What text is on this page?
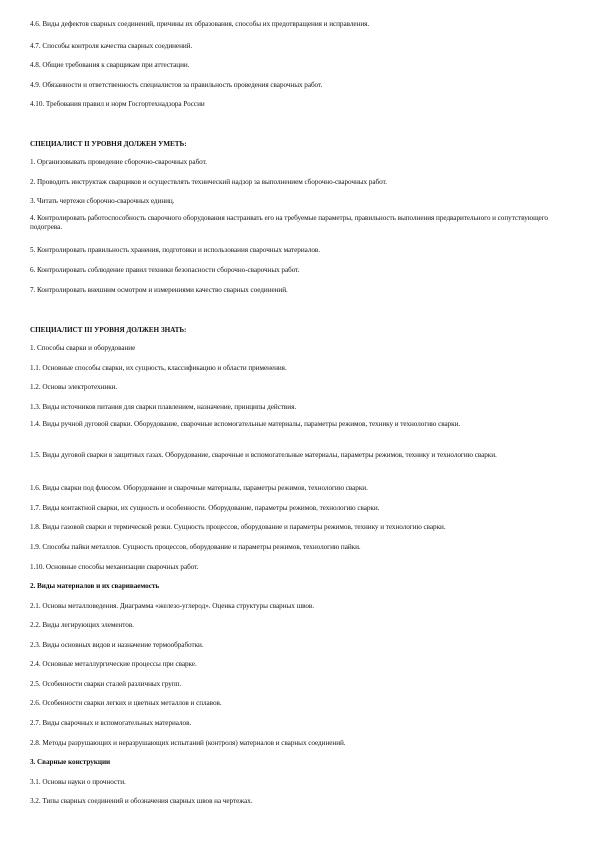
4.6. Виды дефектов сварных соединений, причины их образования, способы их предотвращения и исправления.
4.7. Способы контроля качества сварных соединений.
4.8. Общие требования к сварщикам при аттестации.
4.9. Обязанности и ответственность специалистов за правильность проведения сварочных работ.
4.10. Требования правил и норм Госгортехнадзора России
СПЕЦИАЛИСТ II УРОВНЯ ДОЛЖЕН УМЕТЬ:
1. Организовывать проведение сборочно-сварочных работ.
2. Проводить инструктаж сварщиков и осуществлять технический надзор за выполнением сборочно-сварочных работ.
3. Читать чертежи сборочно-сварочных единиц.
4. Контролировать работоспособность сварочного оборудования настраивать его на требуемые параметры, правильность выполнения предварительного и сопутствующего подогрева.
5. Контролировать правильность хранения, подготовки и использования сварочных материалов.
6. Контролировать соблюдение правил техники безопасности сборочно-сварочных работ.
7. Контролировать внешним осмотром и измерениями качество сварных соединений.
СПЕЦИАЛИСТ III УРОВНЯ ДОЛЖЕН ЗНАТЬ:
1. Способы сварки и оборудование
1.1. Основные способы сварки, их сущность, классификацию и области применения.
1.2. Основы электротехники.
1.3. Виды источников питания для сварки плавлением, назначение, принципы действия.
1.4. Виды ручной дуговой сварки. Оборудование, сварочные вспомогательные материалы, параметры режимов, технику и технологию сварки.
1.5. Виды дуговой сварки в защитных газах. Оборудование, сварочные и вспомогательные материалы, параметры режимов, технику и технологию сварки.
1.6. Виды сварки под флюсом. Оборудование и сварочные материалы, параметры режимов, технологию сварки.
1.7. Виды контактной сварки, их сущность и особенности. Оборудование, параметры режимов, технологию сварки.
1.8. Виды газовой сварки и термической резки. Сущность процессов, оборудование и параметры режимов, технику и технологию сварки.
1.9. Способы пайки металлов. Сущность процессов, оборудование и параметры режимов, технологию пайки.
1.10. Основные способы механизации сварочных работ.
2. Виды материалов и их свариваемость
2.1. Основы металловедения. Диаграмма «железо-углерод». Оценка структуры сварных швов.
2.2. Виды легирующих элементов.
2.3. Виды основных видов и назначение термообработки.
2.4. Основные металлургические процессы при сварке.
2.5. Особенности сварки сталей различных групп.
2.6. Особенности сварки легких и цветных металлов и сплавов.
2.7. Виды сварочных и вспомогательных материалов.
2.8. Методы разрушающих и неразрушающих испытаний (контроля) материалов и сварных соединений.
3. Сварные конструкции
3.1. Основы науки о прочности.
3.2. Типы сварных соединений и обозначения сварных швов на чертежах.
